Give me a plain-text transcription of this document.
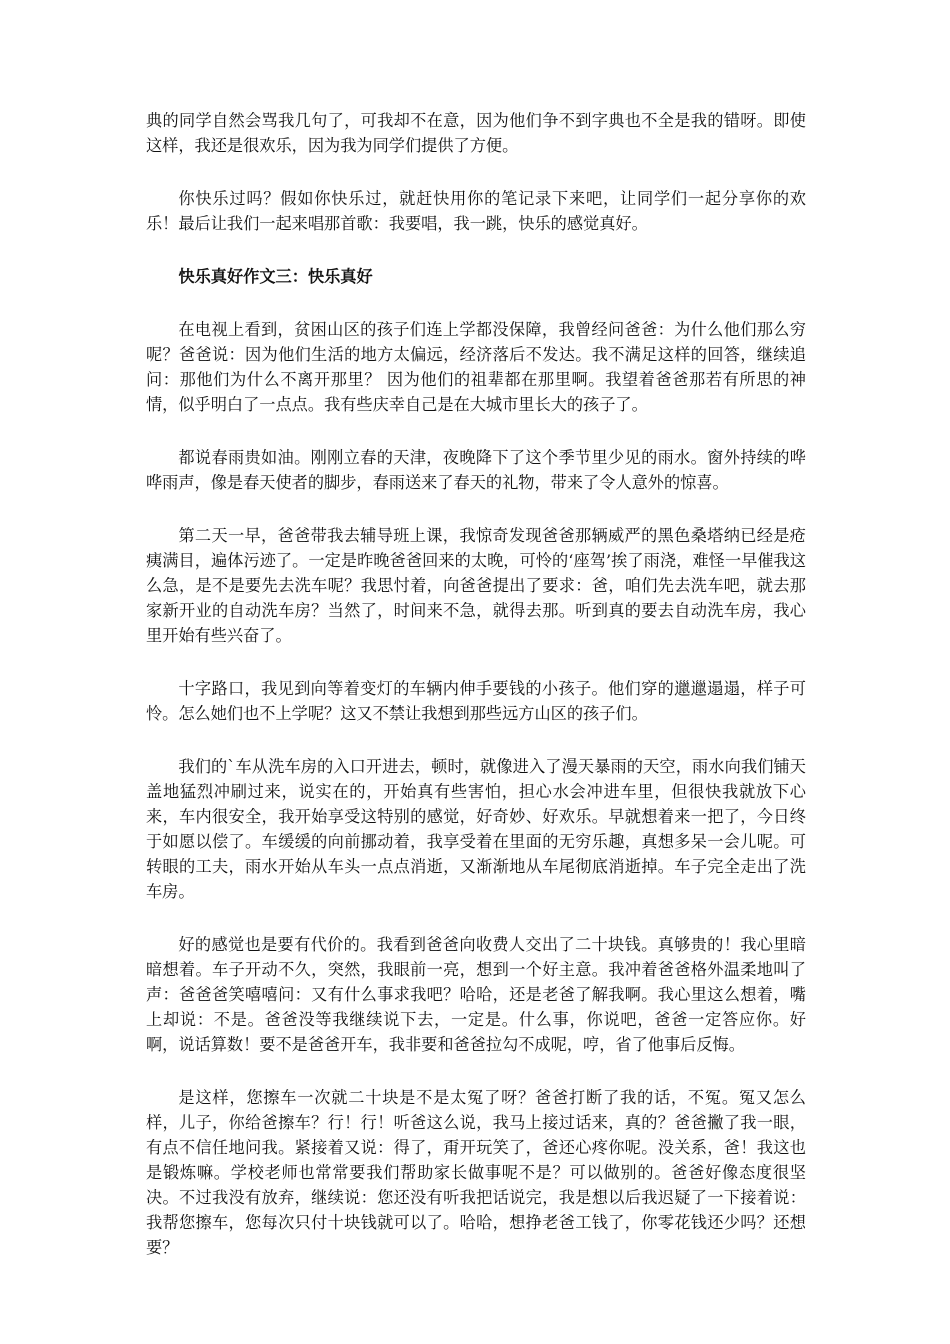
典的同学自然会骂我几句了，可我却不在意，因为他们争不到字典也不全是我的错呀。即使这样，我还是很欢乐，因为我为同学们提供了方便。

你快乐过吗？假如你快乐过，就赶快用你的笔记录下来吧，让同学们一起分享你的欢乐！最后让我们一起来唱那首歌：我要唱，我一跳，快乐的感觉真好。

快乐真好作文三：快乐真好

在电视上看到，贫困山区的孩子们连上学都没保障，我曾经问爸爸：为什么他们那么穷呢？爸爸说：因为他们生活的地方太偏远，经济落后不发达。我不满足这样的回答，继续追问：那他们为什么不离开那里？ 因为他们的祖辈都在那里啊。我望着爸爸那若有所思的神情，似乎明白了一点点。我有些庆幸自己是在大城市里长大的孩子了。

都说春雨贵如油。刚刚立春的天津，夜晚降下了这个季节里少见的雨水。窗外持续的哗哗雨声，像是春天使者的脚步，春雨送来了春天的礼物，带来了令人意外的惊喜。

第二天一早，爸爸带我去辅导班上课，我惊奇发现爸爸那辆威严的黑色桑塔纳已经是疮痍满目，遍体污迹了。一定是昨晚爸爸回来的太晚，可怜的‘座驾’挨了雨浇，难怪一早催我这么急，是不是要先去洗车呢？我思忖着，向爸爸提出了要求：爸，咱们先去洗车吧，就去那家新开业的自动洗车房？当然了，时间来不急，就得去那。听到真的要去自动洗车房，我心里开始有些兴奋了。

十字路口，我见到向等着变灯的车辆内伸手要钱的小孩子。他们穿的邋邋遢遢，样子可怜。怎么她们也不上学呢？这又不禁让我想到那些远方山区的孩子们。

我们的`车从洗车房的入口开进去，顿时，就像进入了漫天暴雨的天空，雨水向我们铺天盖地猛烈冲刷过来，说实在的，开始真有些害怕，担心水会冲进车里，但很快我就放下心来，车内很安全，我开始享受这特别的感觉，好奇妙、好欢乐。早就想着来一把了，今日终于如愿以偿了。车缓缓的向前挪动着，我享受着在里面的无穷乐趣，真想多呆一会儿呢。可转眼的工夫，雨水开始从车头一点点消逝，又渐渐地从车尾彻底消逝掉。车子完全走出了洗车房。

好的感觉也是要有代价的。我看到爸爸向收费人交出了二十块钱。真够贵的！我心里暗暗想着。车子开动不久，突然，我眼前一亮，想到一个好主意。我冲着爸爸格外温柔地叫了声：爸爸爸笑嘻嘻问：又有什么事求我吧？哈哈，还是老爸了解我啊。我心里这么想着，嘴上却说：不是。爸爸没等我继续说下去，一定是。什么事，你说吧，爸爸一定答应你。好啊，说话算数！要不是爸爸开车，我非要和爸爸拉勾不成呢，哼，省了他事后反悔。

是这样，您擦车一次就二十块是不是太冤了呀？爸爸打断了我的话，不冤。冤又怎么样，儿子，你给爸擦车？行！行！听爸这么说，我马上接过话来，真的？爸爸撇了我一眼，有点不信任地问我。紧接着又说：得了，甭开玩笑了，爸还心疼你呢。没关系，爸！我这也是锻炼嘛。学校老师也常常要我们帮助家长做事呢不是？可以做别的。爸爸好像态度很坚决。不过我没有放弃，继续说：您还没有听我把话说完，我是想以后我迟疑了一下接着说：我帮您擦车，您每次只付十块钱就可以了。哈哈，想挣老爸工钱了，你零花钱还少吗？还想要？
